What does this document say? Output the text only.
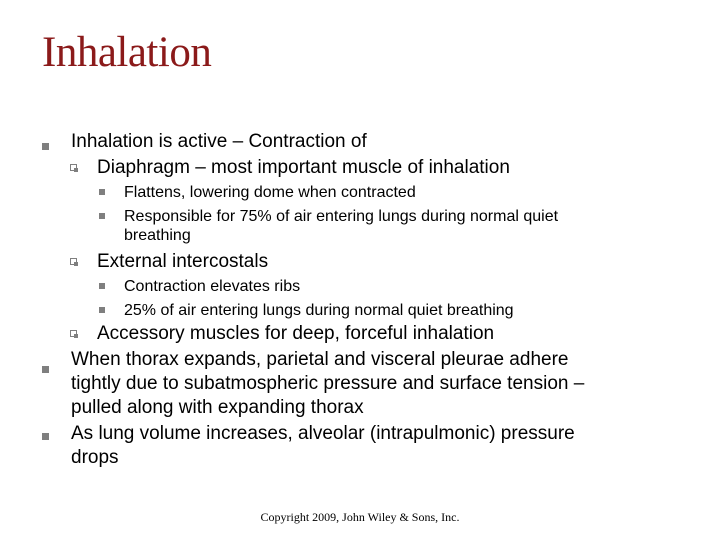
Inhalation
Inhalation is active – Contraction of
Diaphragm – most important muscle of inhalation
Flattens, lowering dome when contracted
Responsible for 75% of air entering lungs during normal quiet
breathing
External intercostals
Contraction elevates ribs
25% of air entering lungs during normal quiet breathing
Accessory muscles for deep, forceful inhalation
When thorax expands, parietal and visceral pleurae adhere
tightly due to subatmospheric pressure and surface tension –
pulled along with expanding thorax
As lung volume increases, alveolar (intrapulmonic) pressure
drops
Copyright 2009, John Wiley & Sons, Inc.
